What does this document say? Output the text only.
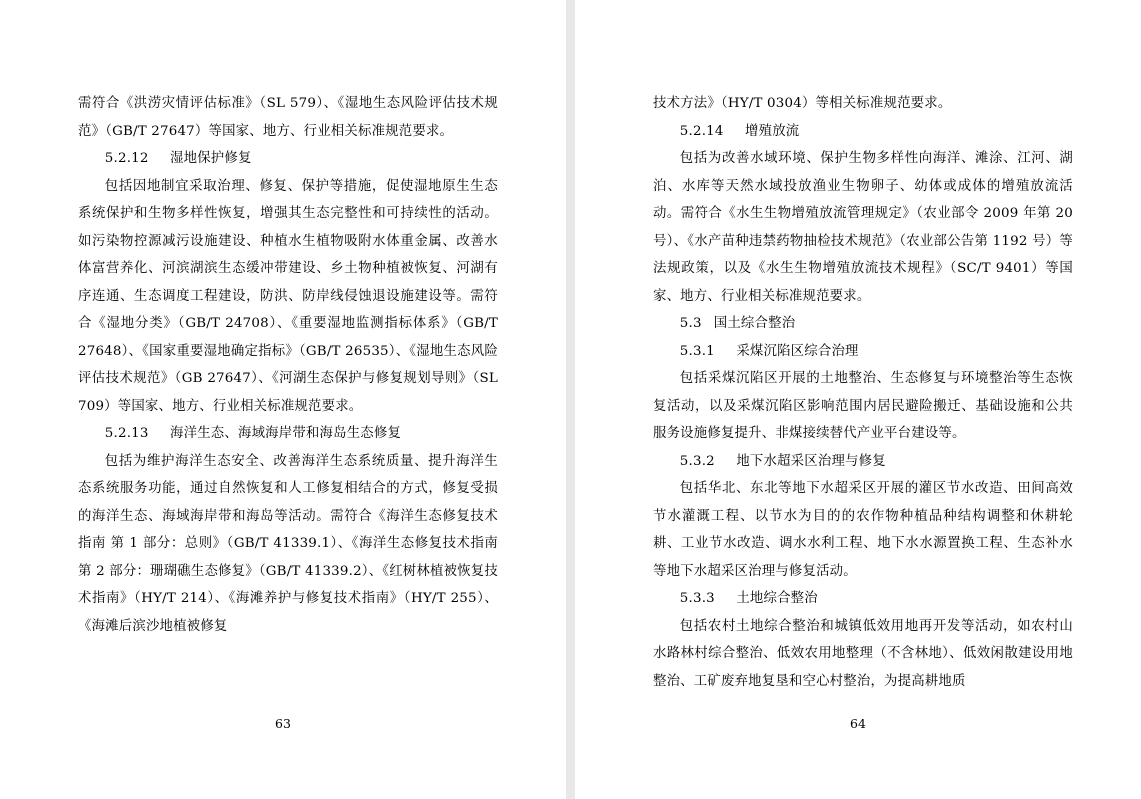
需符合《洪涝灾情评估标准》（SL 579）、《湿地生态风险评估技术规范》（GB/T 27647）等国家、地方、行业相关标准规范要求。

5.2.12 湿地保护修复

包括因地制宜采取治理、修复、保护等措施，促使湿地原生生态系统保护和生物多样性恢复，增强其生态完整性和可持续性的活动。如污染物控源减污设施建设、种植水生植物吸附水体重金属、改善水体富营养化、河滨湖滨生态缓冲带建设、乡土物种植被恢复、河湖有序连通、生态调度工程建设，防洪、防岸线侵蚀退设施建设等。需符合《湿地分类》（GB/T 24708）、《重要湿地监测指标体系》（GB/T 27648）、《国家重要湿地确定指标》（GB/T 26535）、《湿地生态风险评估技术规范》（GB 27647）、《河湖生态保护与修复规划导则》（SL 709）等国家、地方、行业相关标准规范要求。

5.2.13 海洋生态、海域海岸带和海岛生态修复

包括为维护海洋生态安全、改善海洋生态系统质量、提升海洋生态系统服务功能，通过自然恢复和人工修复相结合的方式，修复受损的海洋生态、海域海岸带和海岛等活动。需符合《海洋生态修复技术指南 第 1 部分：总则》（GB/T 41339.1）、《海洋生态修复技术指南 第 2 部分：珊瑚礁生态修复》（GB/T 41339.2）、《红树林植被恢复技术指南》（HY/T 214）、《海滩养护与修复技术指南》（HY/T 255）、《海滩后滨沙地植被修复

63

技术方法》（HY/T 0304）等相关标准规范要求。

5.2.14 增殖放流

包括为改善水域环境、保护生物多样性向海洋、滩涂、江河、湖泊、水库等天然水域投放渔业生物卵子、幼体或成体的增殖放流活动。需符合《水生生物增殖放流管理规定》（农业部令 2009 年第 20 号）、《水产苗种违禁药物抽检技术规范》（农业部公告第 1192 号）等法规政策，以及《水生生物增殖放流技术规程》（SC/T 9401）等国家、地方、行业相关标准规范要求。

5.3 国土综合整治

5.3.1 采煤沉陷区综合治理

包括采煤沉陷区开展的土地整治、生态修复与环境整治等生态恢复活动，以及采煤沉陷区影响范围内居民避险搬迁、基础设施和公共服务设施修复提升、非煤接续替代产业平台建设等。

5.3.2 地下水超采区治理与修复

包括华北、东北等地下水超采区开展的灌区节水改造、田间高效节水灌溉工程、以节水为目的的农作物种植品种结构调整和休耕轮耕、工业节水改造、调水水利工程、地下水水源置换工程、生态补水等地下水超采区治理与修复活动。

5.3.3 土地综合整治

包括农村土地综合整治和城镇低效用地再开发等活动，如农村山水路林村综合整治、低效农用地整理（不含林地）、低效闲散建设用地整治、工矿废弃地复垦和空心村整治，为提高耕地质

64
